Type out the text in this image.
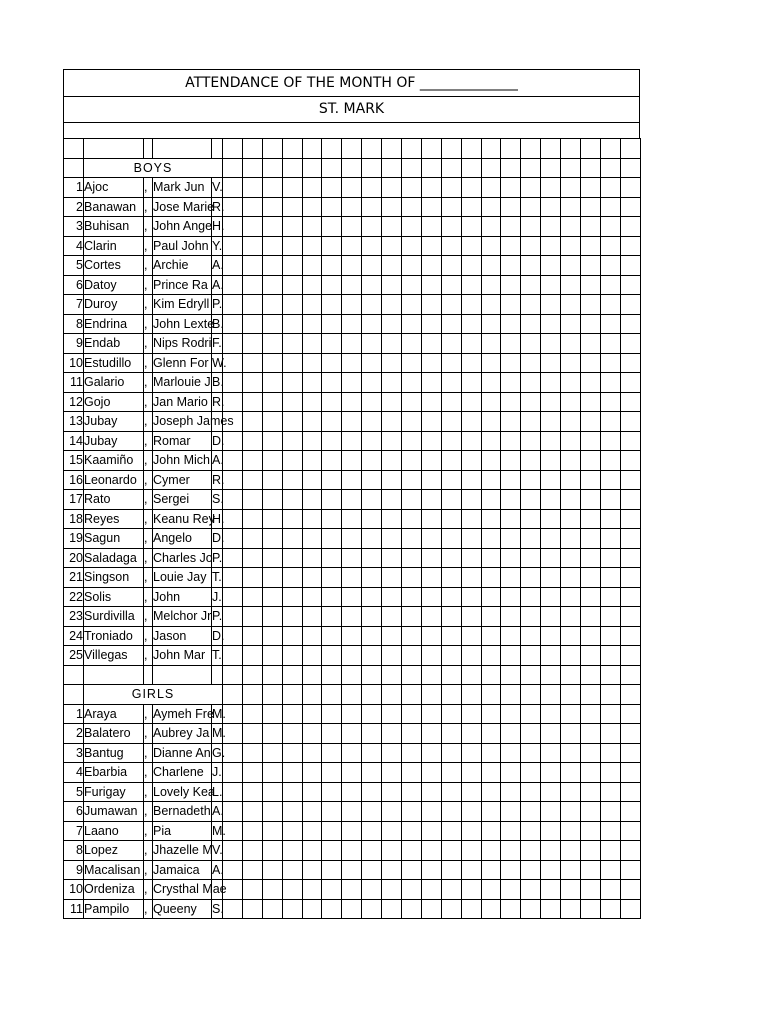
ATTENDANCE OF THE MONTH OF ______________
ST. MARK

	BOYS																								
1	Ajoc	,	Mark Jun	V.																					
2	Banawan	,	Jose Marie	R.																					
3	Buhisan	,	John Ange	H.																					
4	Clarin	,	Paul John	Y.																					
5	Cortes	,	Archie	A.																					
6	Datoy	,	Prince Ra	A.																					
7	Duroy	,	Kim Edryll	P.																					
8	Endrina	,	John Lexte	B.																					
9	Endab	,	Nips Rodri	F.																					
10	Estudillo	,	Glenn For	W.																					
11	Galario	,	Marlouie J	B.																					
12	Gojo	,	Jan Mario	R.																					
13	Jubay	,	Joseph James																						
14	Jubay	,	Romar	D.																					
15	Kaamiño	,	John Mich	A.																					
16	Leonardo	,	Cymer	R.																					
17	Rato	,	Sergei	S.																					
18	Reyes	,	Keanu Rey	H.																					
19	Sagun	,	Angelo	D.																					
20	Saladaga	,	Charles Jo	P.																					
21	Singson	,	Louie Jay	T.																					
22	Solis	,	John	J.																					
23	Surdivilla	,	Melchor Jr	P.																					
24	Troniado	,	Jason	D.																					
25	Villegas	,	John Mar	T.																					

	GIRLS																								
1	Araya	,	Aymeh Fre	M.																					
2	Balatero	,	Aubrey Ja	M.																					
3	Bantug	,	Dianne An	G.																					
4	Ebarbia	,	Charlene	J.																					
5	Furigay	,	Lovely Kea	L.																					
6	Jumawan	,	Bernadeth	A.																					
7	Laano	,	Pia	M.																					
8	Lopez	,	Jhazelle M	V.																					
9	Macalisan	,	Jamaica	A.																					
10	Ordeniza	,	Crysthal Mae																						
11	Pampilo	,	Queeny	S.																					
